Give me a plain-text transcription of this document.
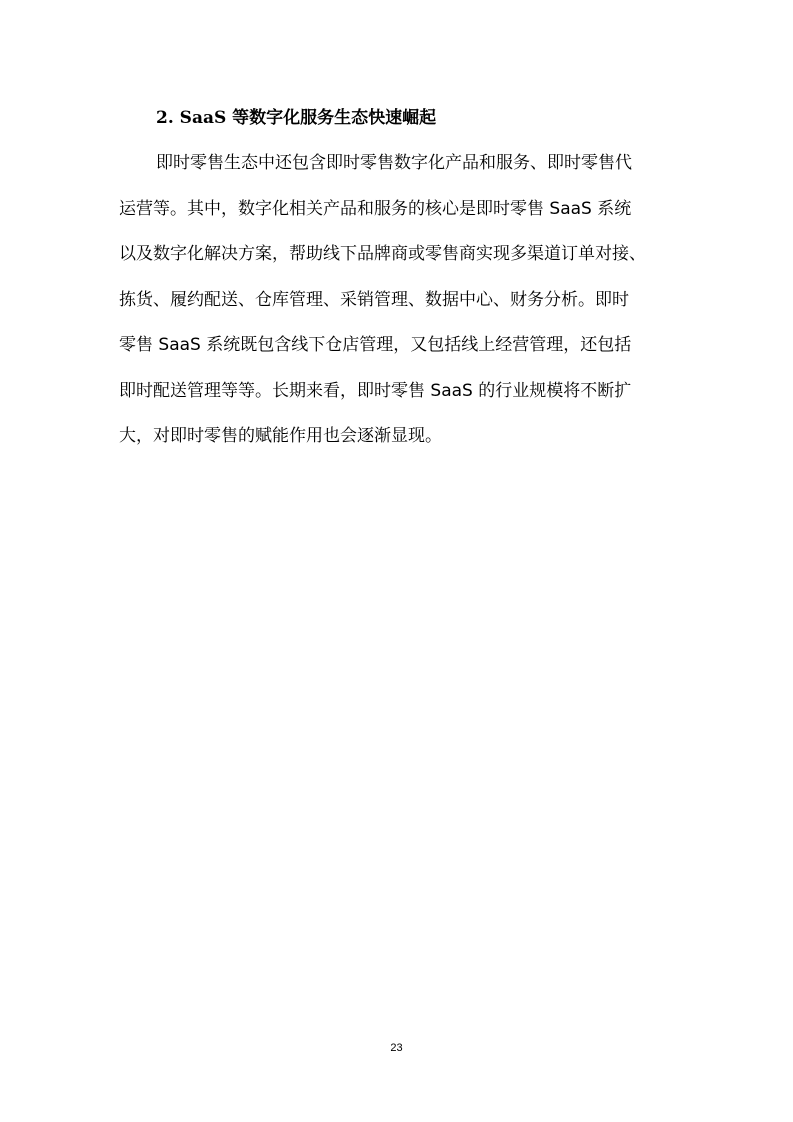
2. SaaS 等数字化服务生态快速崛起
即时零售生态中还包含即时零售数字化产品和服务、即时零售代
运营等。其中，数字化相关产品和服务的核心是即时零售 SaaS 系统
以及数字化解决方案，帮助线下品牌商或零售商实现多渠道订单对接、
拣货、履约配送、仓库管理、采销管理、数据中心、财务分析。即时
零售 SaaS 系统既包含线下仓店管理，又包括线上经营管理，还包括
即时配送管理等等。长期来看，即时零售 SaaS 的行业规模将不断扩
大，对即时零售的赋能作用也会逐渐显现。
23
